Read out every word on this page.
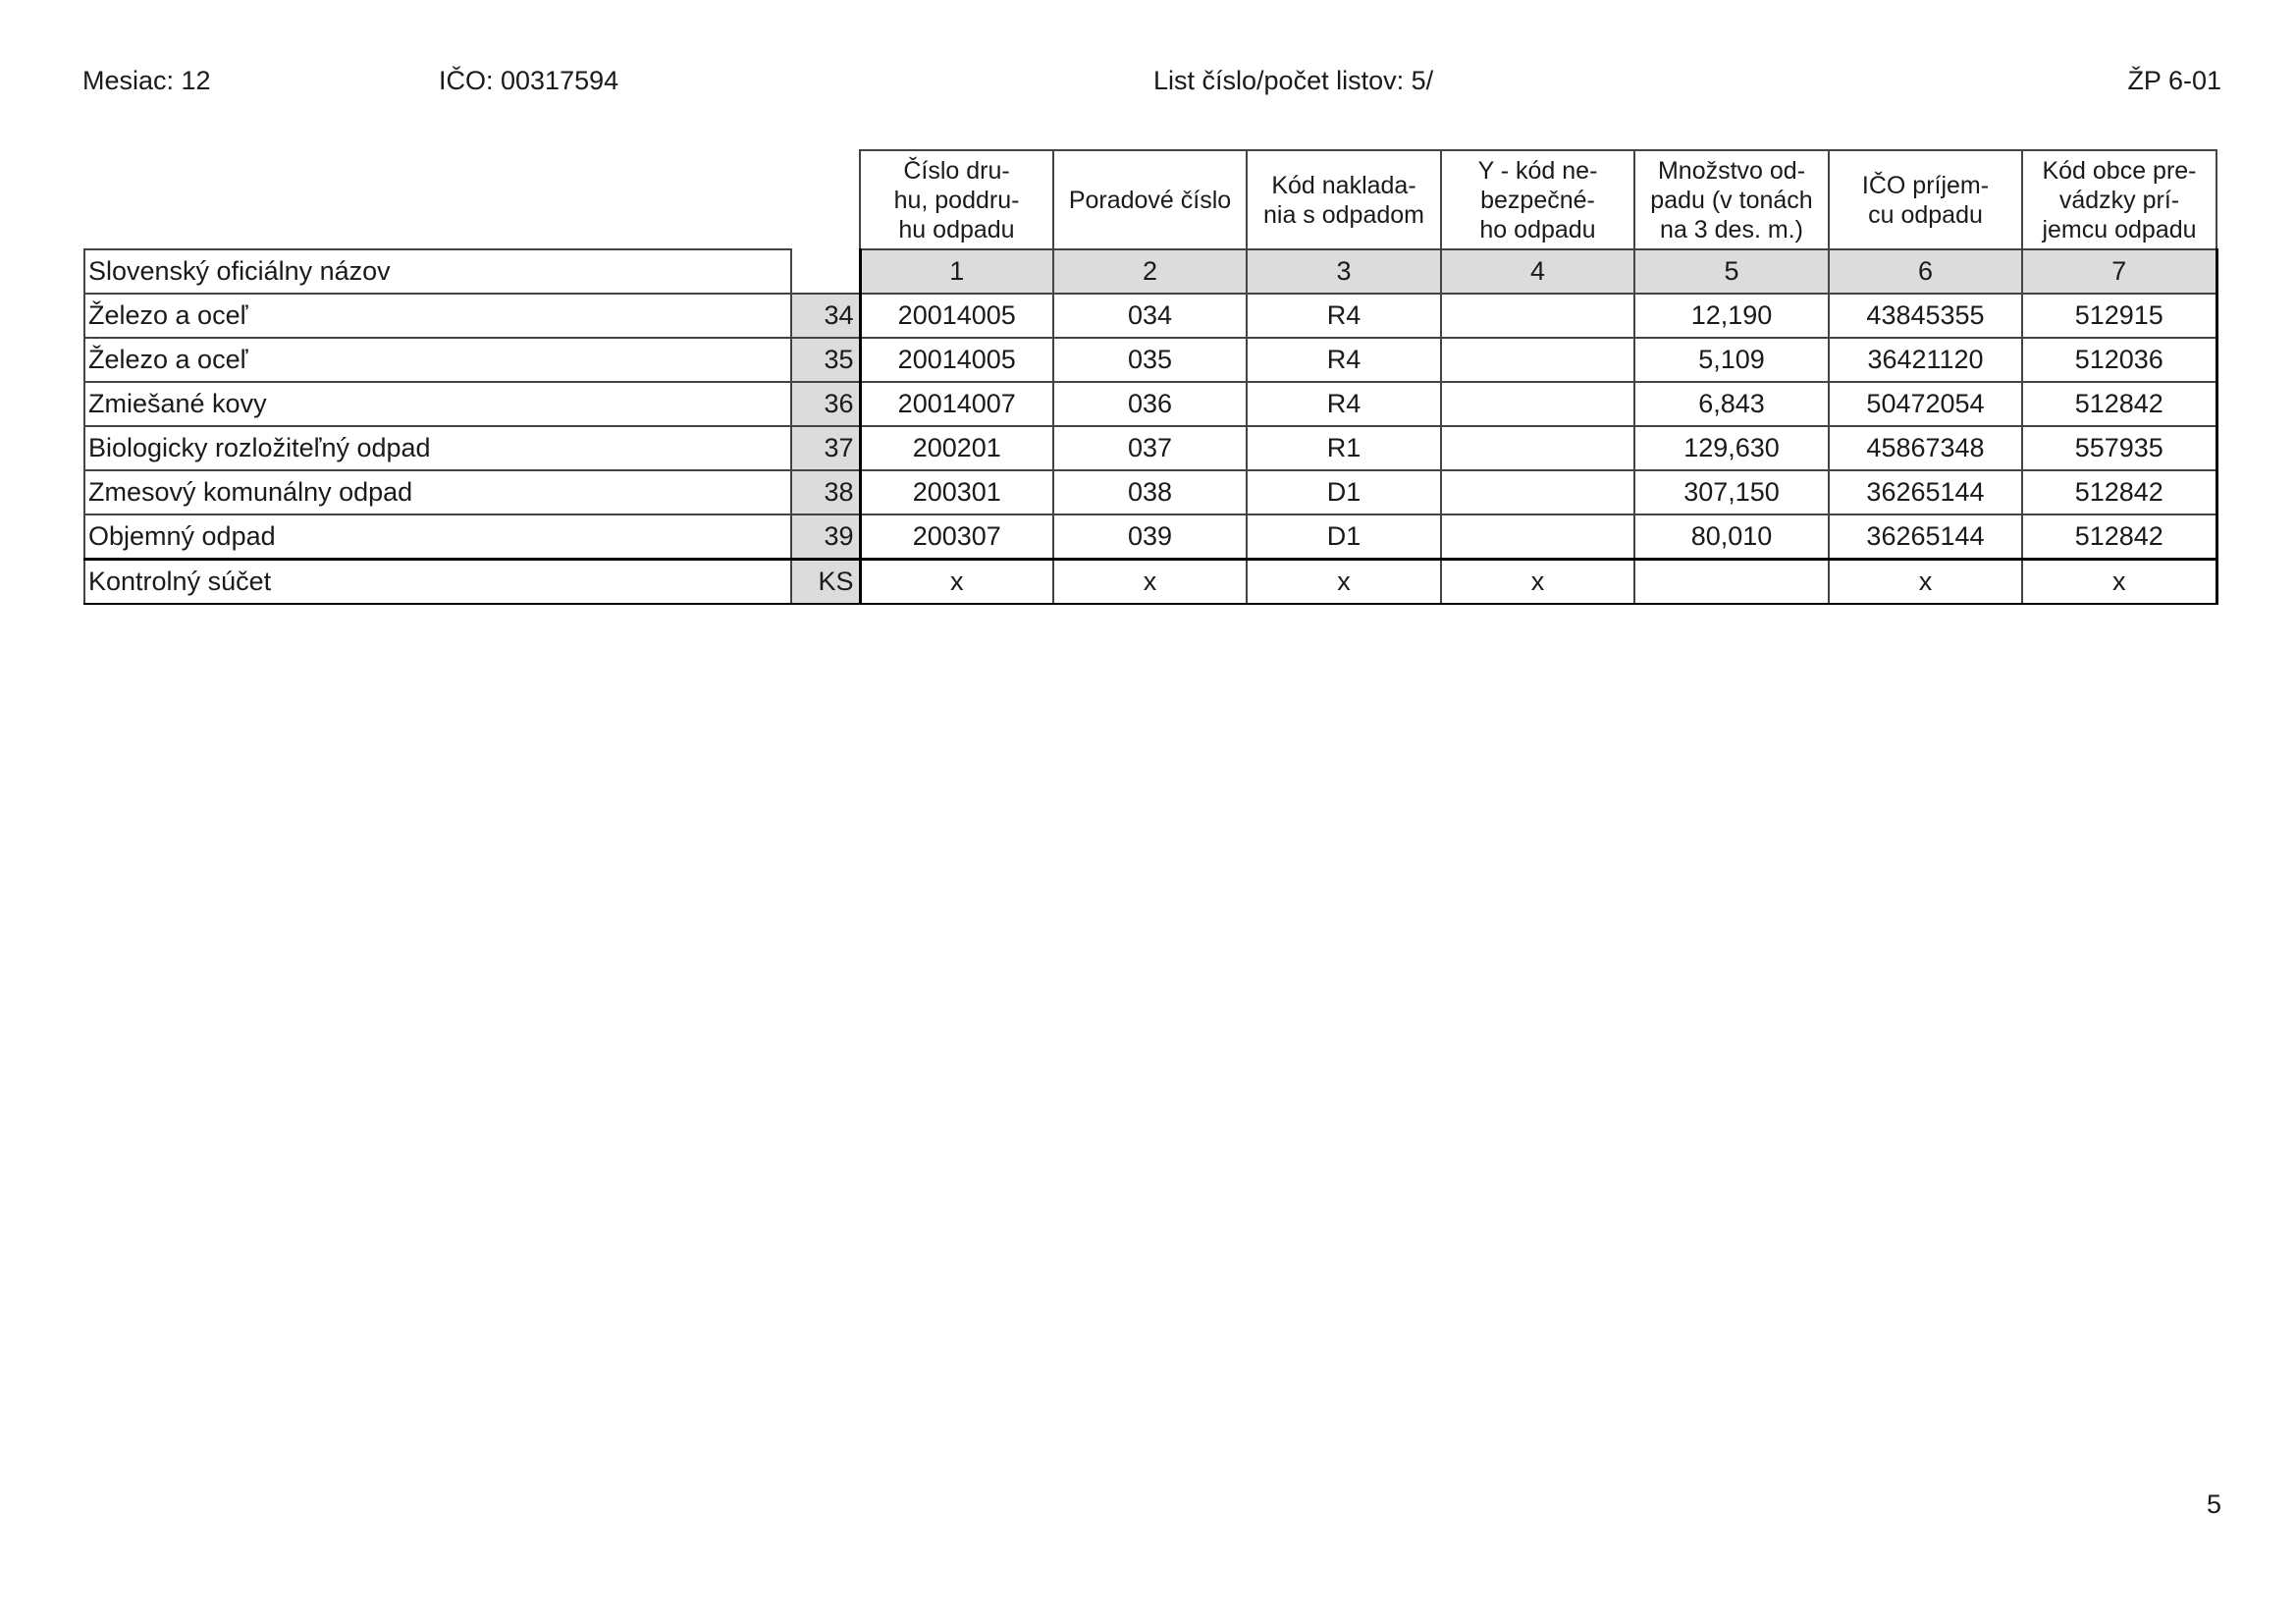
Mesiac: 12	IČO: 00317594	List číslo/počet listov: 5/	ŽP 6-01
		Číslo dru-
hu, poddru-
hu odpadu	Poradové číslo	Kód naklada-
nia s odpadom	Y - kód ne-
bezpečné-
ho odpadu	Množstvo od-
padu (v tonách
na 3 des. m.)	IČO príjem-
cu odpadu	Kód obce pre-
vádzky prí-
jemcu odpadu
Slovenský oficiálny názov		1	2	3	4	5	6	7
Železo a oceľ	34	20014005	034	R4		12,190	43845355	512915
Železo a oceľ	35	20014005	035	R4		5,109	36421120	512036
Zmiešané kovy	36	20014007	036	R4		6,843	50472054	512842
Biologicky rozložiteľný odpad	37	200201	037	R1		129,630	45867348	557935
Zmesový komunálny odpad	38	200301	038	D1		307,150	36265144	512842
Objemný odpad	39	200307	039	D1		80,010	36265144	512842
Kontrolný súčet	KS	x	x	x	x		x	x
5
